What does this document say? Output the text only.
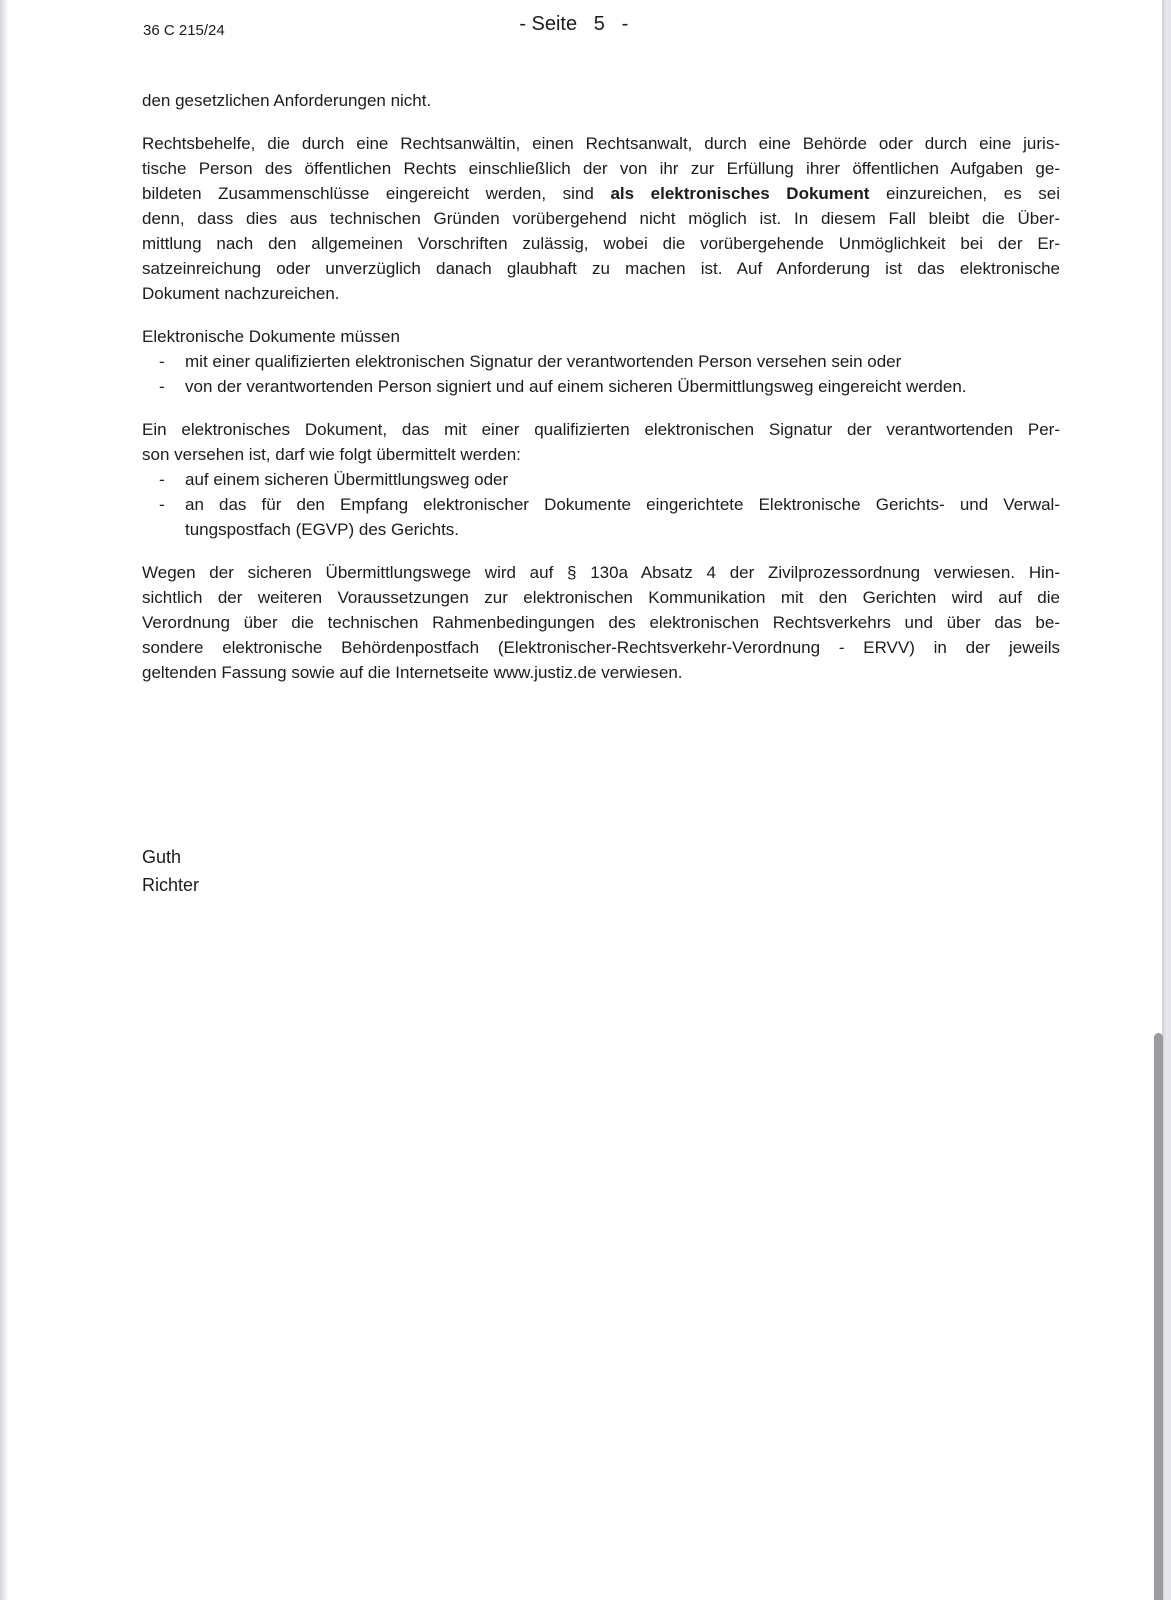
36 C 215/24	- Seite   5   -
den gesetzlichen Anforderungen nicht.
Rechtsbehelfe, die durch eine Rechtsanwältin, einen Rechtsanwalt, durch eine Behörde oder durch eine juris-
tische Person des öffentlichen Rechts einschließlich der von ihr zur Erfüllung ihrer öffentlichen Aufgaben ge-
bildeten Zusammenschlüsse eingereicht werden, sind als elektronisches Dokument einzureichen, es sei
denn, dass dies aus technischen Gründen vorübergehend nicht möglich ist. In diesem Fall bleibt die Über-
mittlung nach den allgemeinen Vorschriften zulässig, wobei die vorübergehende Unmöglichkeit bei der Er-
satzeinreichung oder unverzüglich danach glaubhaft zu machen ist. Auf Anforderung ist das elektronische
Dokument nachzureichen.
Elektronische Dokumente müssen
-	mit einer qualifizierten elektronischen Signatur der verantwortenden Person versehen sein oder
-	von der verantwortenden Person signiert und auf einem sicheren Übermittlungsweg eingereicht werden.
Ein elektronisches Dokument, das mit einer qualifizierten elektronischen Signatur der verantwortenden Per-
son versehen ist, darf wie folgt übermittelt werden:
-	auf einem sicheren Übermittlungsweg oder
-	an das für den Empfang elektronischer Dokumente eingerichtete Elektronische Gerichts- und Verwal-
tungspostfach (EGVP) des Gerichts.
Wegen der sicheren Übermittlungswege wird auf § 130a Absatz 4 der Zivilprozessordnung verwiesen. Hin-
sichtlich der weiteren Voraussetzungen zur elektronischen Kommunikation mit den Gerichten wird auf die
Verordnung über die technischen Rahmenbedingungen des elektronischen Rechtsverkehrs und über das be-
sondere elektronische Behördenpostfach (Elektronischer-Rechtsverkehr-Verordnung - ERVV) in der jeweils
geltenden Fassung sowie auf die Internetseite www.justiz.de verwiesen.
Guth
Richter
